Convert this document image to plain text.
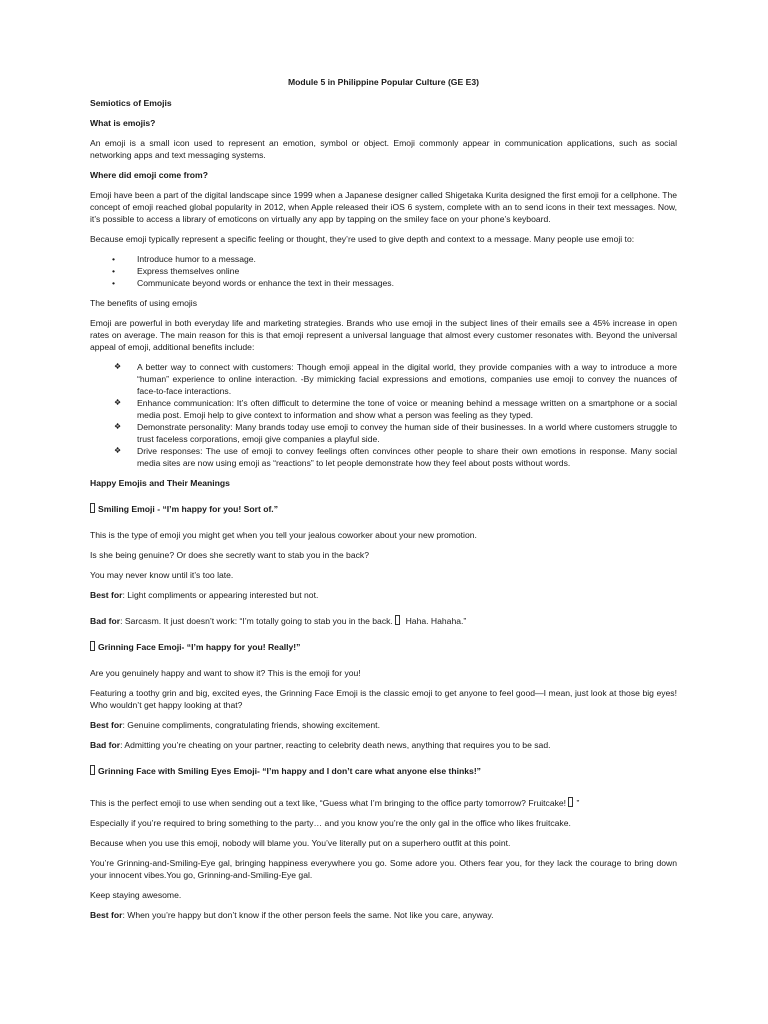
Module 5 in Philippine Popular Culture (GE E3)

Semiotics of Emojis

What is emojis?

An emoji is a small icon used to represent an emotion, symbol or object. Emoji commonly appear in communication applications, such as social networking apps and text messaging systems.

Where did emoji come from?

Emoji have been a part of the digital landscape since 1999 when a Japanese designer called Shigetaka Kurita designed the first emoji for a cellphone. The concept of emoji reached global popularity in 2012, when Apple released their iOS 6 system, complete with an to send icons in their text messages. Now, it’s possible to access a library of emoticons on virtually any app by tapping on the smiley face on your phone’s keyboard.

Because emoji typically represent a specific feeling or thought, they’re used to give depth and context to a message. Many people use emoji to:

•	Introduce humor to a message.
•	Express themselves online
•	Communicate beyond words or enhance the text in their messages.

The benefits of using emojis

Emoji are powerful in both everyday life and marketing strategies. Brands who use emoji in the subject lines of their emails see a 45% increase in open rates on average. The main reason for this is that emoji represent a universal language that almost every customer resonates with. Beyond the universal appeal of emoji, additional benefits include:

❖ A better way to connect with customers: Though emoji appeal in the digital world, they provide companies with a way to introduce a more “human” experience to online interaction. -By mimicking facial expressions and emotions, companies use emoji to convey the nuances of face-to-face interactions.
❖ Enhance communication: It’s often difficult to determine the tone of voice or meaning behind a message written on a smartphone or a social media post. Emoji help to give context to information and show what a person was feeling as they typed.
❖ Demonstrate personality: Many brands today use emoji to convey the human side of their businesses. In a world where customers struggle to trust faceless corporations, emoji give companies a playful side.
❖ Drive responses: The use of emoji to convey feelings often convinces other people to share their own emotions in response. Many social media sites are now using emoji as “reactions” to let people demonstrate how they feel about posts without words.

Happy Emojis and Their Meanings

Smiling Emoji - “I’m happy for you! Sort of.”

This is the type of emoji you might get when you tell your jealous coworker about your new promotion.

Is she being genuine? Or does she secretly want to stab you in the back?

You may never know until it’s too late.

Best for: Light compliments or appearing interested but not.

Bad for: Sarcasm. It just doesn’t work: “I’m totally going to stab you in the back.  Haha. Hahaha.”

Grinning Face Emoji- “I’m happy for you! Really!”

Are you genuinely happy and want to show it? This is the emoji for you!

Featuring a toothy grin and big, excited eyes, the Grinning Face Emoji is the classic emoji to get anyone to feel good—I mean, just look at those big eyes! Who wouldn’t get happy looking at that?

Best for: Genuine compliments, congratulating friends, showing excitement.

Bad for: Admitting you’re cheating on your partner, reacting to celebrity death news, anything that requires you to be sad.

Grinning Face with Smiling Eyes Emoji- “I’m happy and I don’t care what anyone else thinks!”

This is the perfect emoji to use when sending out a text like, “Guess what I’m bringing to the office party tomorrow? Fruitcake! ”

Especially if you’re required to bring something to the party… and you know you’re the only gal in the office who likes fruitcake.

Because when you use this emoji, nobody will blame you. You’ve literally put on a superhero outfit at this point.

You’re Grinning-and-Smiling-Eye gal, bringing happiness everywhere you go. Some adore you. Others fear you, for they lack the courage to bring down your innocent vibes.You go, Grinning-and-Smiling-Eye gal.

Keep staying awesome.

Best for: When you’re happy but don’t know if the other person feels the same. Not like you care, anyway.
